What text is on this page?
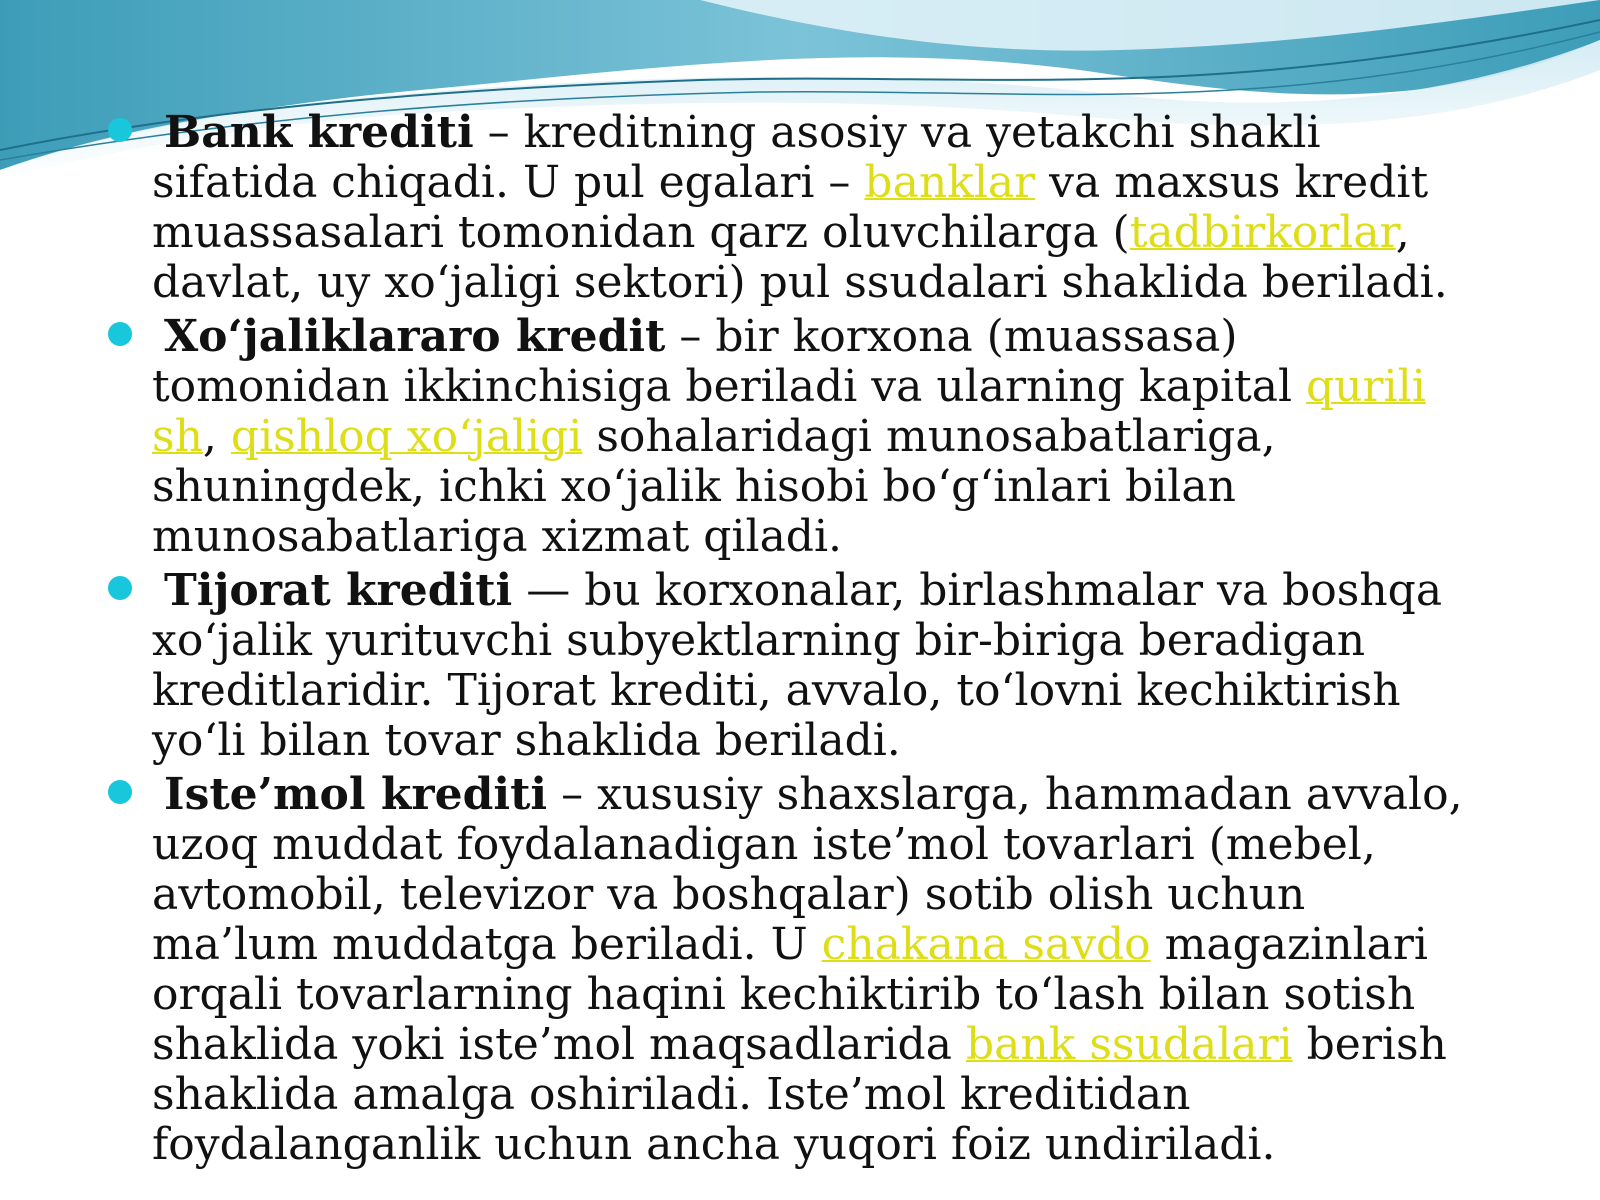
Bank krediti – kreditning asosiy va yetakchi shakli
sifatida chiqadi. U pul egalari – banklar va maxsus kredit
muassasalari tomonidan qarz oluvchilarga (tadbirkorlar,
davlat, uy xo‘jaligi sektori) pul ssudalari shaklida beriladi.
Xo‘jaliklararo kredit – bir korxona (muassasa)
tomonidan ikkinchisiga beriladi va ularning kapital qurili
sh, qishloq xo‘jaligi sohalaridagi munosabatlariga,
shuningdek, ichki xo‘jalik hisobi bo‘g‘inlari bilan
munosabatlariga xizmat qiladi.
Tijorat krediti — bu korxonalar, birlashmalar va boshqa
xo‘jalik yurituvchi subyektlarning bir-biriga beradigan
kreditlaridir. Tijorat krediti, avvalo, to‘lovni kechiktirish
yo‘li bilan tovar shaklida beriladi.
Iste’mol krediti – xususiy shaxslarga, hammadan avvalo,
uzoq muddat foydalanadigan iste’mol tovarlari (mebel,
avtomobil, televizor va boshqalar) sotib olish uchun
ma’lum muddatga beriladi. U chakana savdo magazinlari
orqali tovarlarning haqini kechiktirib to‘lash bilan sotish
shaklida yoki iste’mol maqsadlarida bank ssudalari berish
shaklida amalga oshiriladi. Iste’mol kreditidan
foydalanganlik uchun ancha yuqori foiz undiriladi.
